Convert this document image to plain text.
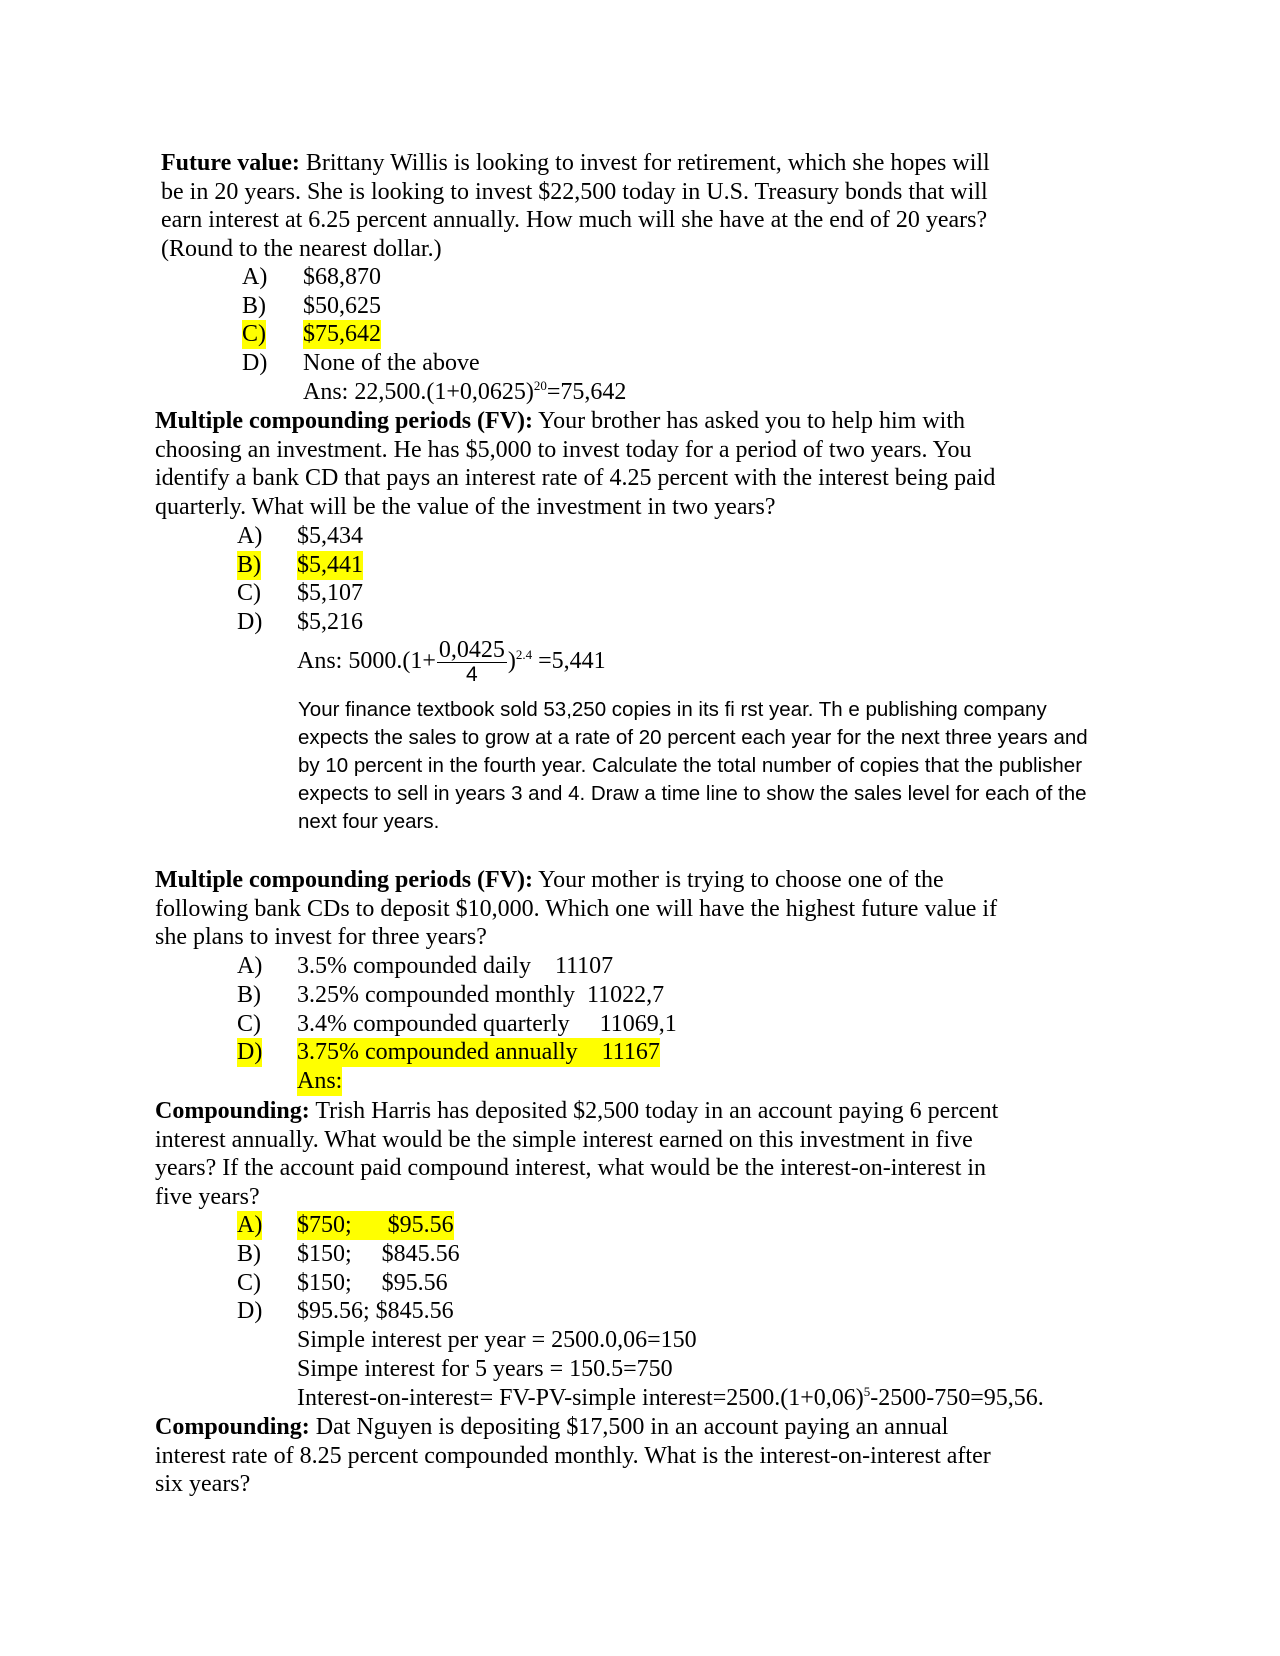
Future value: Brittany Willis is looking to invest for retirement, which she hopes will
be in 20 years. She is looking to invest $22,500 today in U.S. Treasury bonds that will
earn interest at 6.25 percent annually. How much will she have at the end of 20 years?
(Round to the nearest dollar.)
A) $68,870
B) $50,625
C) $75,642
D) None of the above
Ans: $22,500.(1+0,0625)^{20}=75,642$
Multiple compounding periods (FV): Your brother has asked you to help him with
choosing an investment. He has $5,000 to invest today for a period of two years. You
identify a bank CD that pays an interest rate of 4.25 percent with the interest being paid
quarterly. What will be the value of the investment in two years?
A) $5,434
B) $5,441
C) $5,107
D) $5,216
Ans: $5000.(1+ \frac{0,0425}{4} )^{2.4} =5,441$
Your finance textbook sold 53,250 copies in its fi rst year. Th e publishing company
expects the sales to grow at a rate of 20 percent each year for the next three years and
by 10 percent in the fourth year. Calculate the total number of copies that the publisher
expects to sell in years 3 and 4. Draw a time line to show the sales level for each of the
next four years.
Multiple compounding periods (FV): Your mother is trying to choose one of the
following bank CDs to deposit $10,000. Which one will have the highest future value if
she plans to invest for three years?
A) 3.5% compounded daily    11107
B) 3.25% compounded monthly  11022,7
C) 3.4% compounded quarterly     11069,1
D) 3.75% compounded annually    11167
Ans:
Compounding: Trish Harris has deposited $2,500 today in an account paying 6 percent
interest annually. What would be the simple interest earned on this investment in five
years? If the account paid compound interest, what would be the interest-on-interest in
five years?
A) $750;      $95.56
B) $150;     $845.56
C) $150;     $95.56
D) $95.56; $845.56
Simple interest per year = 2500.0,06=150
Simpe interest for 5 years = 150.5=750
Interest-on-interest= FV-PV-simple $interest=2500.(1+0,06)^5-2500-750=95,56$.
Compounding: Dat Nguyen is depositing $17,500 in an account paying an annual
interest rate of 8.25 percent compounded monthly. What is the interest-on-interest after
six years?
